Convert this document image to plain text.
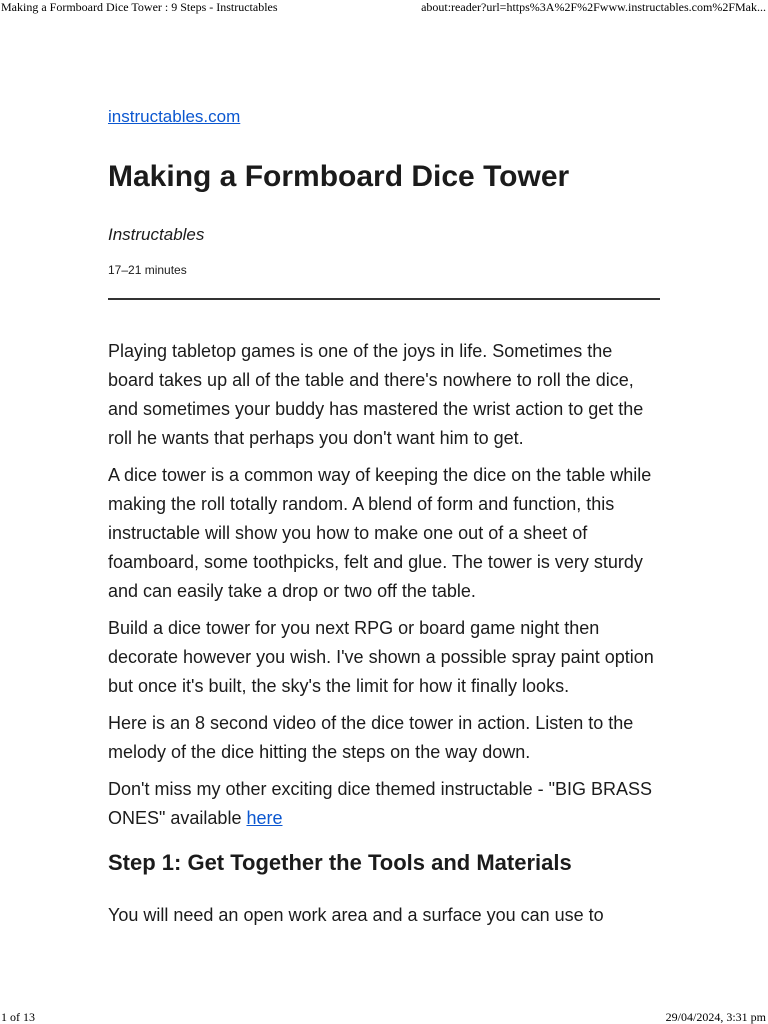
Making a Formboard Dice Tower : 9 Steps - Instructables	about:reader?url=https%3A%2F%2Fwww.instructables.com%2FMak...
instructables.com
Making a Formboard Dice Tower
Instructables
17–21 minutes

Playing tabletop games is one of the joys in life. Sometimes the board takes up all of the table and there's nowhere to roll the dice, and sometimes your buddy has mastered the wrist action to get the roll he wants that perhaps you don't want him to get.

A dice tower is a common way of keeping the dice on the table while making the roll totally random. A blend of form and function, this instructable will show you how to make one out of a sheet of foamboard, some toothpicks, felt and glue. The tower is very sturdy and can easily take a drop or two off the table.

Build a dice tower for you next RPG or board game night then decorate however you wish. I've shown a possible spray paint option but once it's built, the sky's the limit for how it finally looks.

Here is an 8 second video of the dice tower in action. Listen to the melody of the dice hitting the steps on the way down.

Don't miss my other exciting dice themed instructable - "BIG BRASS ONES" available here

Step 1: Get Together the Tools and Materials

You will need an open work area and a surface you can use to

1 of 13	29/04/2024, 3:31 pm
